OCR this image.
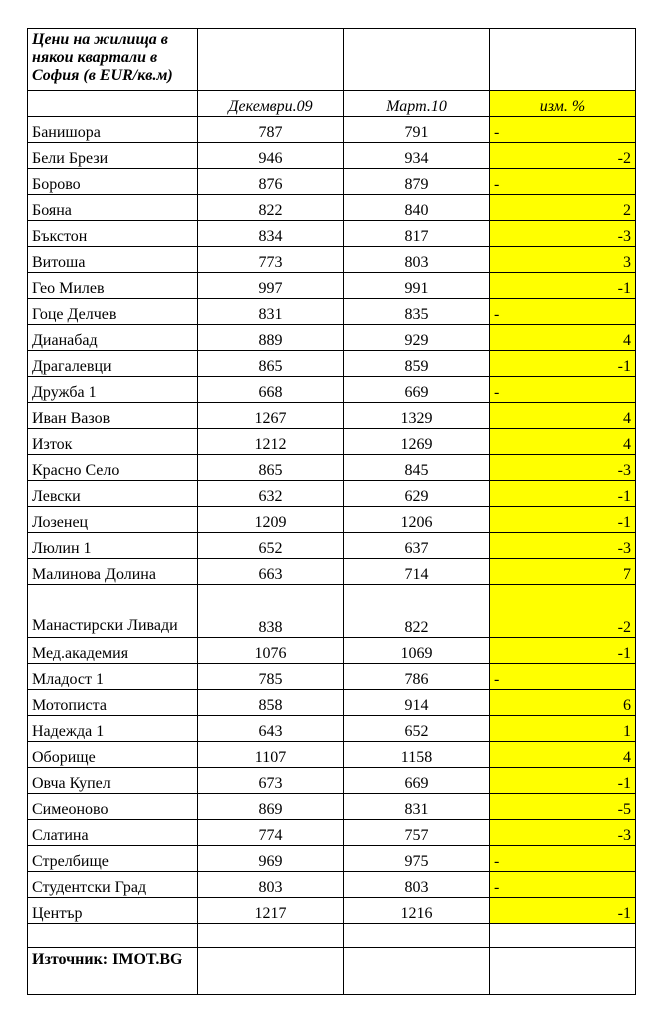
Цени на жилища в някои квартали в София (в EUR/кв.м)			
	Декември.09	Март.10	изм. %
Банишора	787	791	-
Бели Брези	946	934	-2
Борово	876	879	-
Бояна	822	840	2
Бъкстон	834	817	-3
Витоша	773	803	3
Гео Милев	997	991	-1
Гоце Делчев	831	835	-
Дианабад	889	929	4
Драгалевци	865	859	-1
Дружба 1	668	669	-
Иван Вазов	1267	1329	4
Изток	1212	1269	4
Красно Село	865	845	-3
Левски	632	629	-1
Лозенец	1209	1206	-1
Люлин 1	652	637	-3
Малинова Долина	663	714	7
Манастирски Ливади	838	822	-2
Мед.академия	1076	1069	-1
Младост 1	785	786	-
Мотописта	858	914	6
Надежда 1	643	652	1
Оборище	1107	1158	4
Овча Купел	673	669	-1
Симеоново	869	831	-5
Слатина	774	757	-3
Стрелбище	969	975	-
Студентски Град	803	803	-
Център	1217	1216	-1

Източник: IMOT.BG			
